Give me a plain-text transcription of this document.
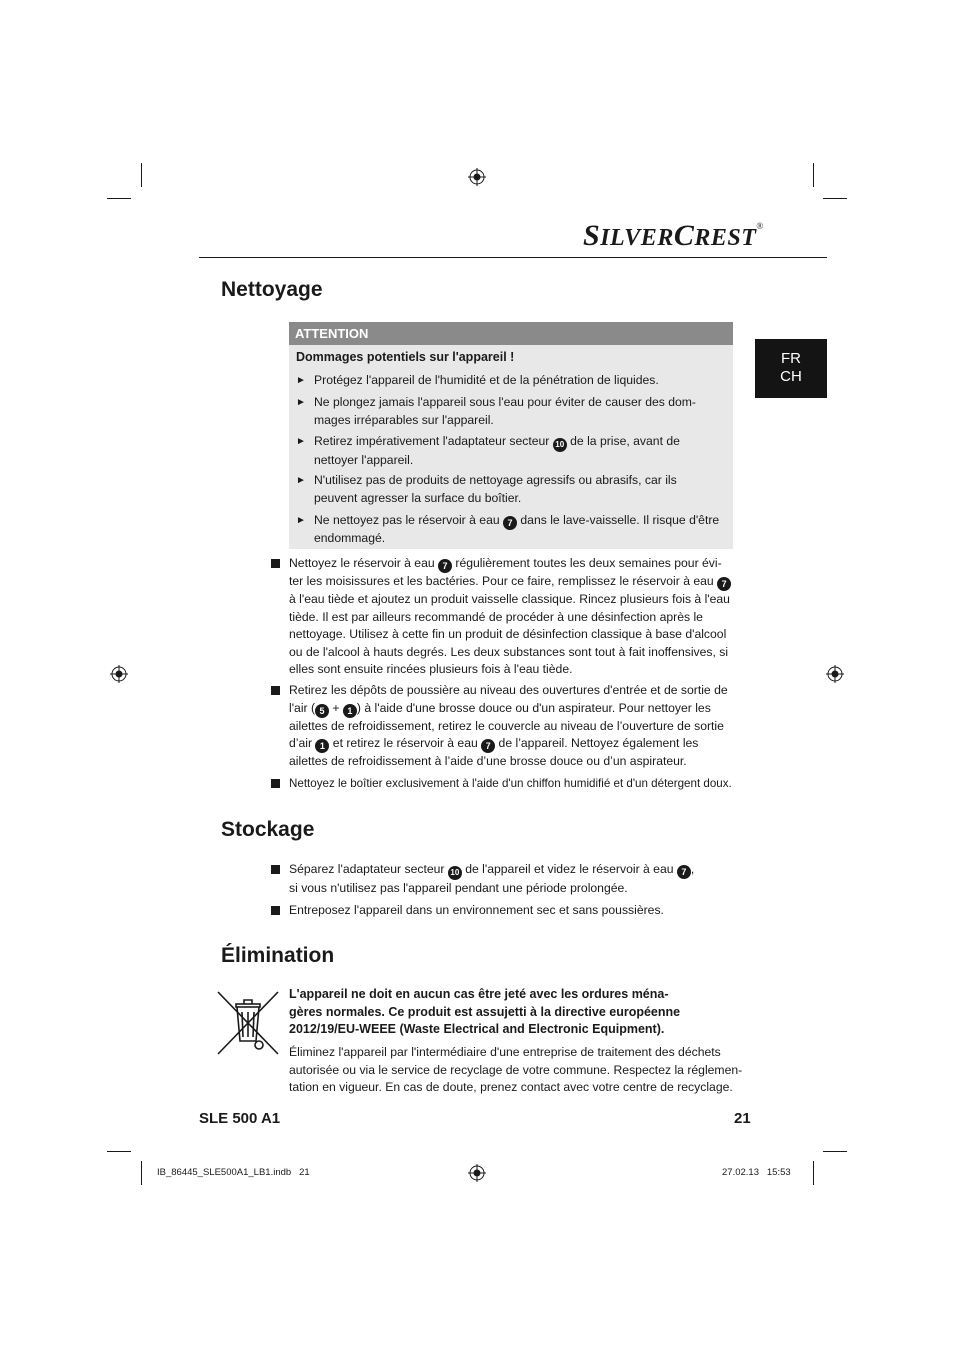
SILVERCREST®
FR
CH
Nettoyage
ATTENTION
Dommages potentiels sur l'appareil !
► Protégez l'appareil de l'humidité et de la pénétration de liquides.
► Ne plongez jamais l'appareil sous l'eau pour éviter de causer des dom-
mages irréparables sur l'appareil.
► Retirez impérativement l'adaptateur secteur 10 de la prise, avant de
nettoyer l'appareil.
► N'utilisez pas de produits de nettoyage agressifs ou abrasifs, car ils
peuvent agresser la surface du boîtier.
► Ne nettoyez pas le réservoir à eau 7 dans le lave-vaisselle. Il risque d'être
endommagé.
Nettoyez le réservoir à eau 7 régulièrement toutes les deux semaines pour évi-
ter les moisissures et les bactéries. Pour ce faire, remplissez le réservoir à eau 7
à l'eau tiède et ajoutez un produit vaisselle classique. Rincez plusieurs fois à l'eau
tiède. Il est par ailleurs recommandé de procéder à une désinfection après le
nettoyage. Utilisez à cette fin un produit de désinfection classique à base d'alcool
ou de l'alcool à hauts degrés. Les deux substances sont tout à fait inoffensives, si
elles sont ensuite rincées plusieurs fois à l'eau tiède.
Retirez les dépôts de poussière au niveau des ouvertures d'entrée et de sortie de
l'air ( 5 + 1 ) à l'aide d'une brosse douce ou d'un aspirateur. Pour nettoyer les
ailettes de refroidissement, retirez le couvercle au niveau de l’ouverture de sortie
d’air 1 et retirez le réservoir à eau 7 de l’appareil. Nettoyez également les
ailettes de refroidissement à l’aide d’une brosse douce ou d’un aspirateur.
Nettoyez le boîtier exclusivement à l'aide d'un chiffon humidifié et d'un détergent doux.
Stockage
Séparez l'adaptateur secteur 10 de l'appareil et videz le réservoir à eau 7 ,
si vous n'utilisez pas l'appareil pendant une période prolongée.
Entreposez l'appareil dans un environnement sec et sans poussières.
Élimination
L'appareil ne doit en aucun cas être jeté avec les ordures ména-
gères normales. Ce produit est assujetti à la directive européenne
2012/19/EU-WEEE (Waste Electrical and Electronic Equipment).
Éliminez l'appareil par l'intermédiaire d'une entreprise de traitement des déchets
autorisée ou via le service de recyclage de votre commune. Respectez la réglemen-
tation en vigueur. En cas de doute, prenez contact avec votre centre de recyclage.
SLE 500 A1	21
IB_86445_SLE500A1_LB1.indb   21	27.02.13   15:53
